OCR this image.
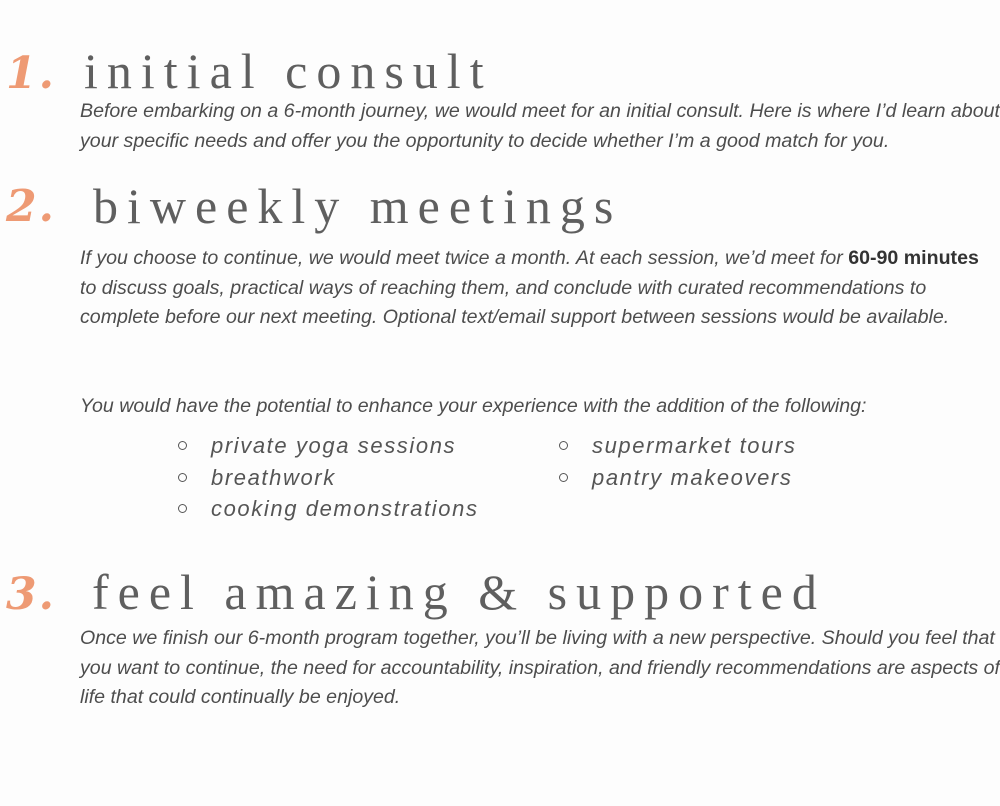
1. initial consult

Before embarking on a 6-month journey, we would meet for an initial consult. Here is where I’d learn about your specific needs and offer you the opportunity to decide whether I’m a good match for you.

2. biweekly meetings

If you choose to continue, we would meet twice a month. At each session, we’d meet for 60-90 minutes to discuss goals, practical ways of reaching them, and conclude with curated recommendations to complete before our next meeting. Optional text/email support between sessions would be available.

You would have the potential to enhance your experience with the addition of the following:

private yoga sessions
breathwork
cooking demonstrations
supermarket tours
pantry makeovers
3. feel amazing & supported

Once we finish our 6-month program together, you’ll be living with a new perspective. Should you feel that you want to continue, the need for accountability, inspiration, and friendly recommendations are aspects of life that could continually be enjoyed.
